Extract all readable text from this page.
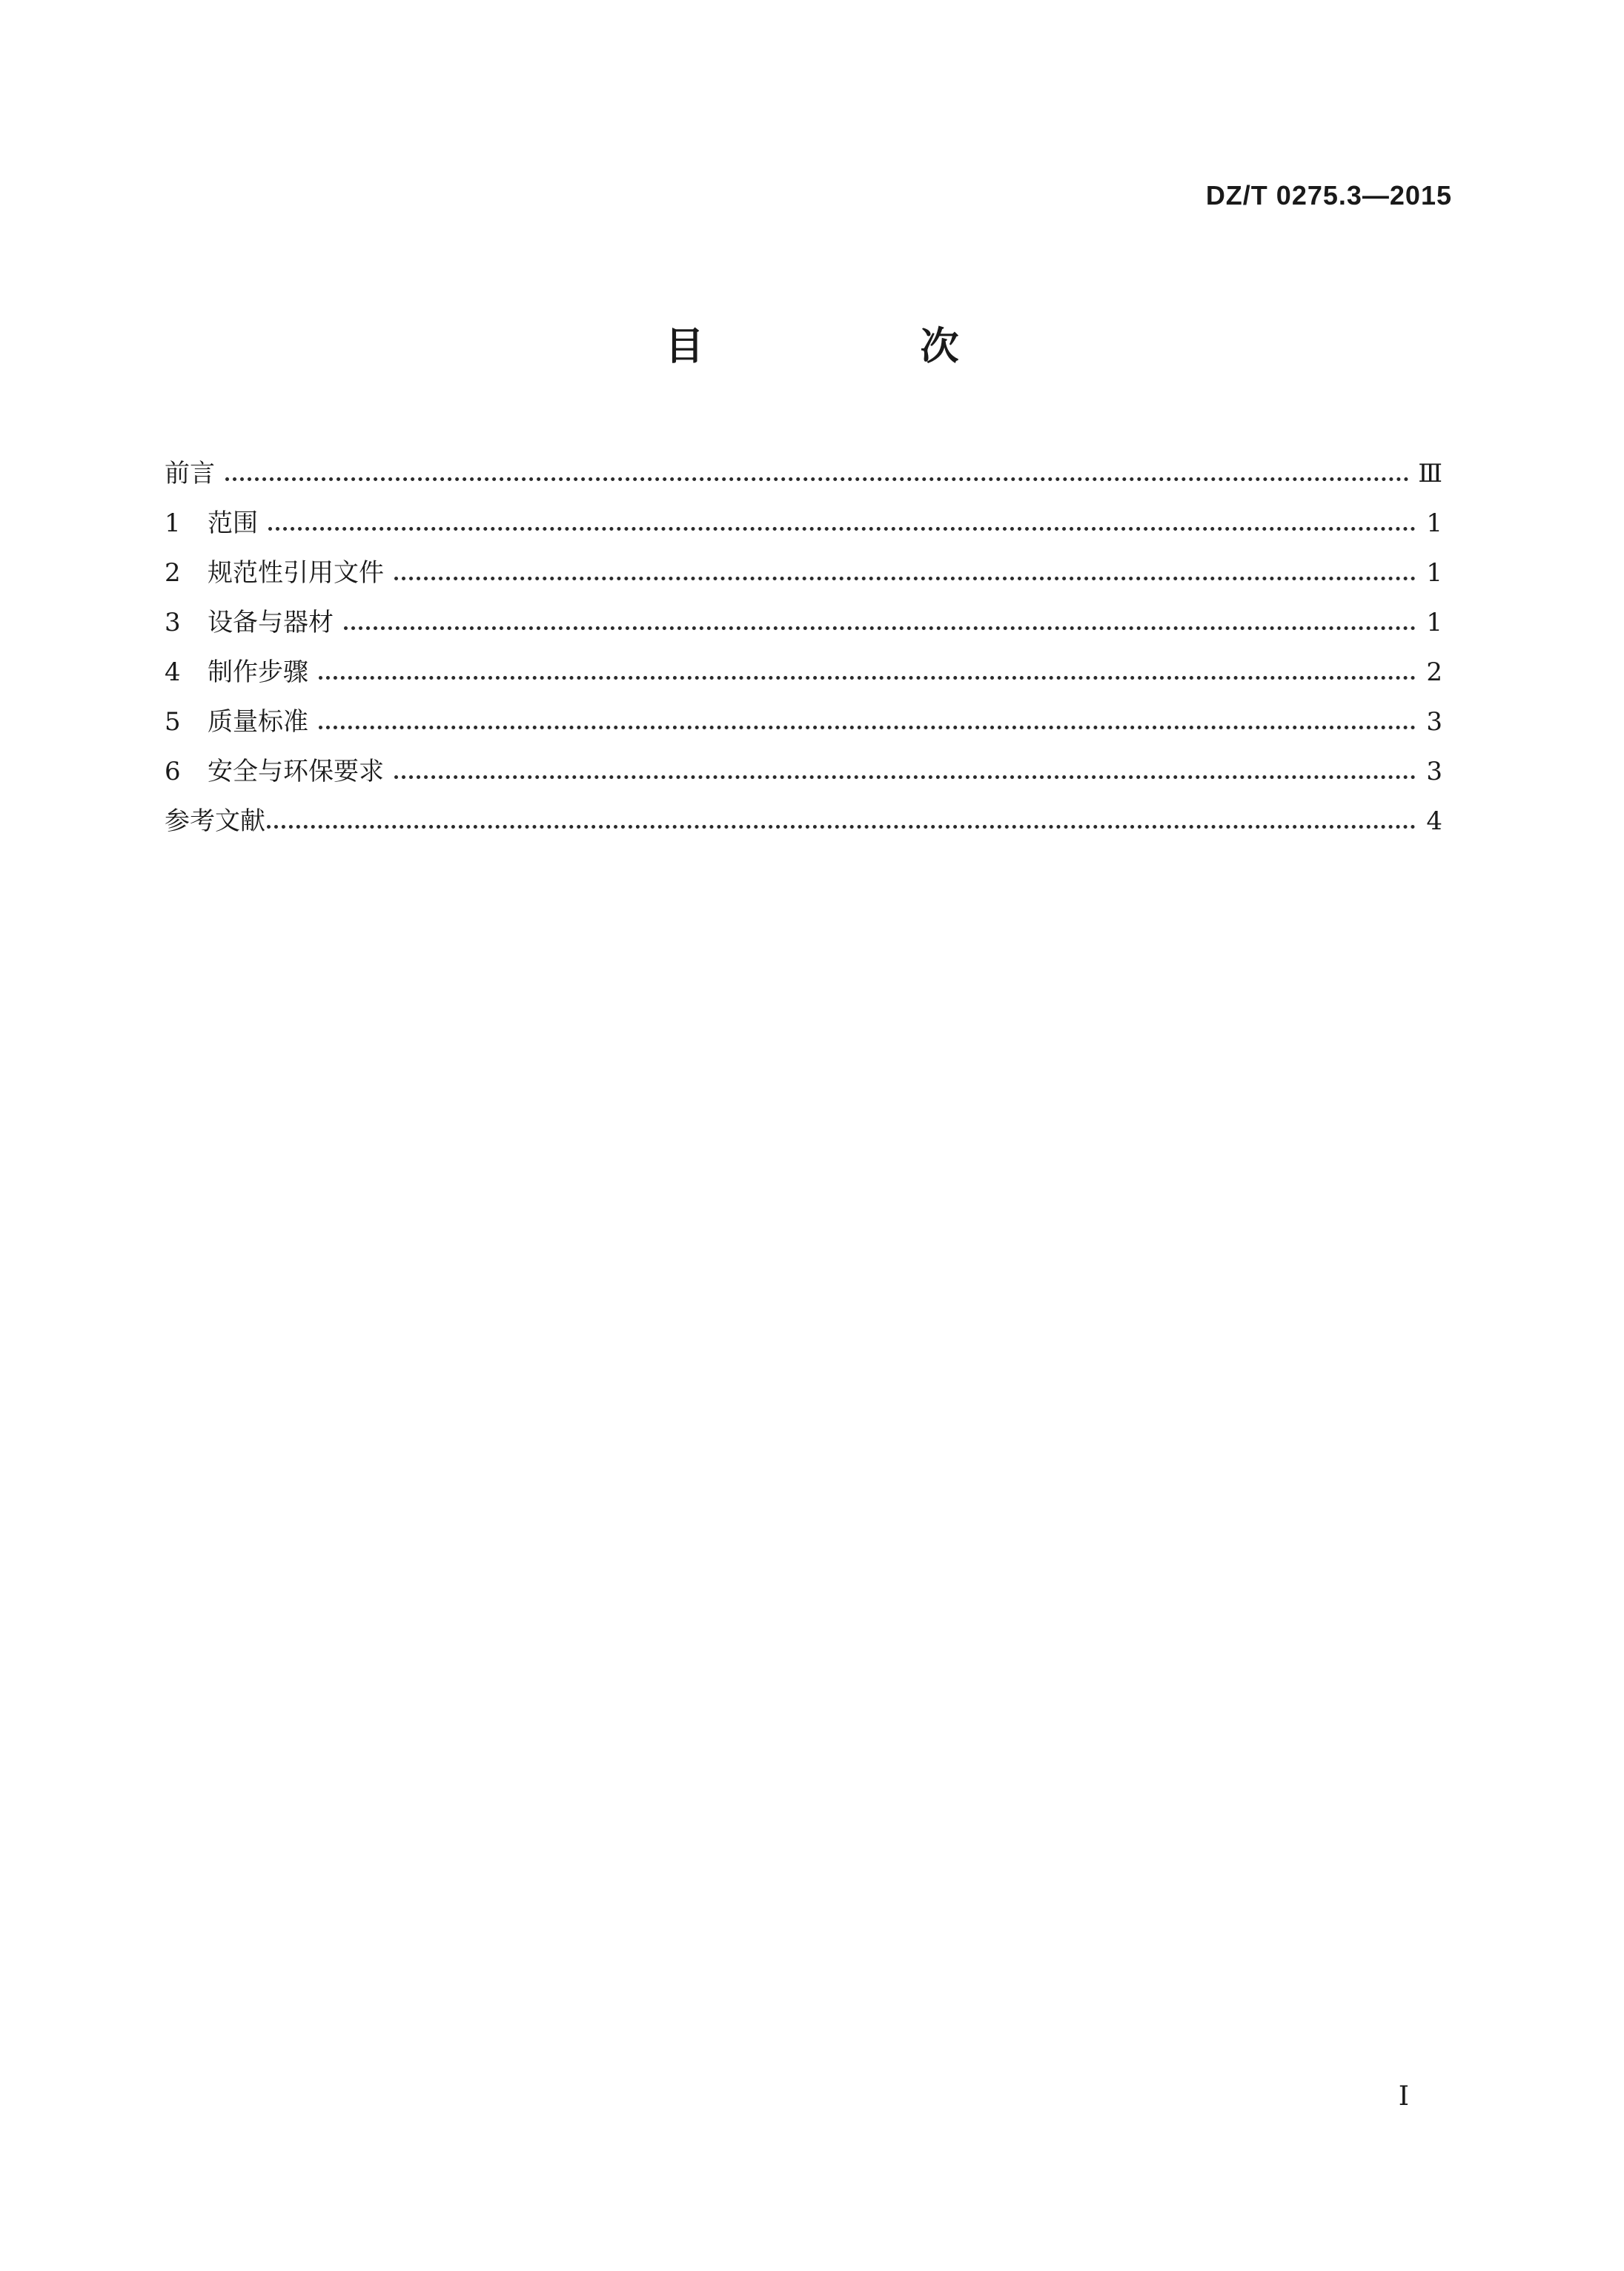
DZ/T 0275.3—2015
目　次
前言	Ⅲ
1	范围	1
2	规范性引用文件	1
3	设备与器材	1
4	制作步骤	2
5	质量标准	3
6	安全与环保要求	3
参考文献	4
I
